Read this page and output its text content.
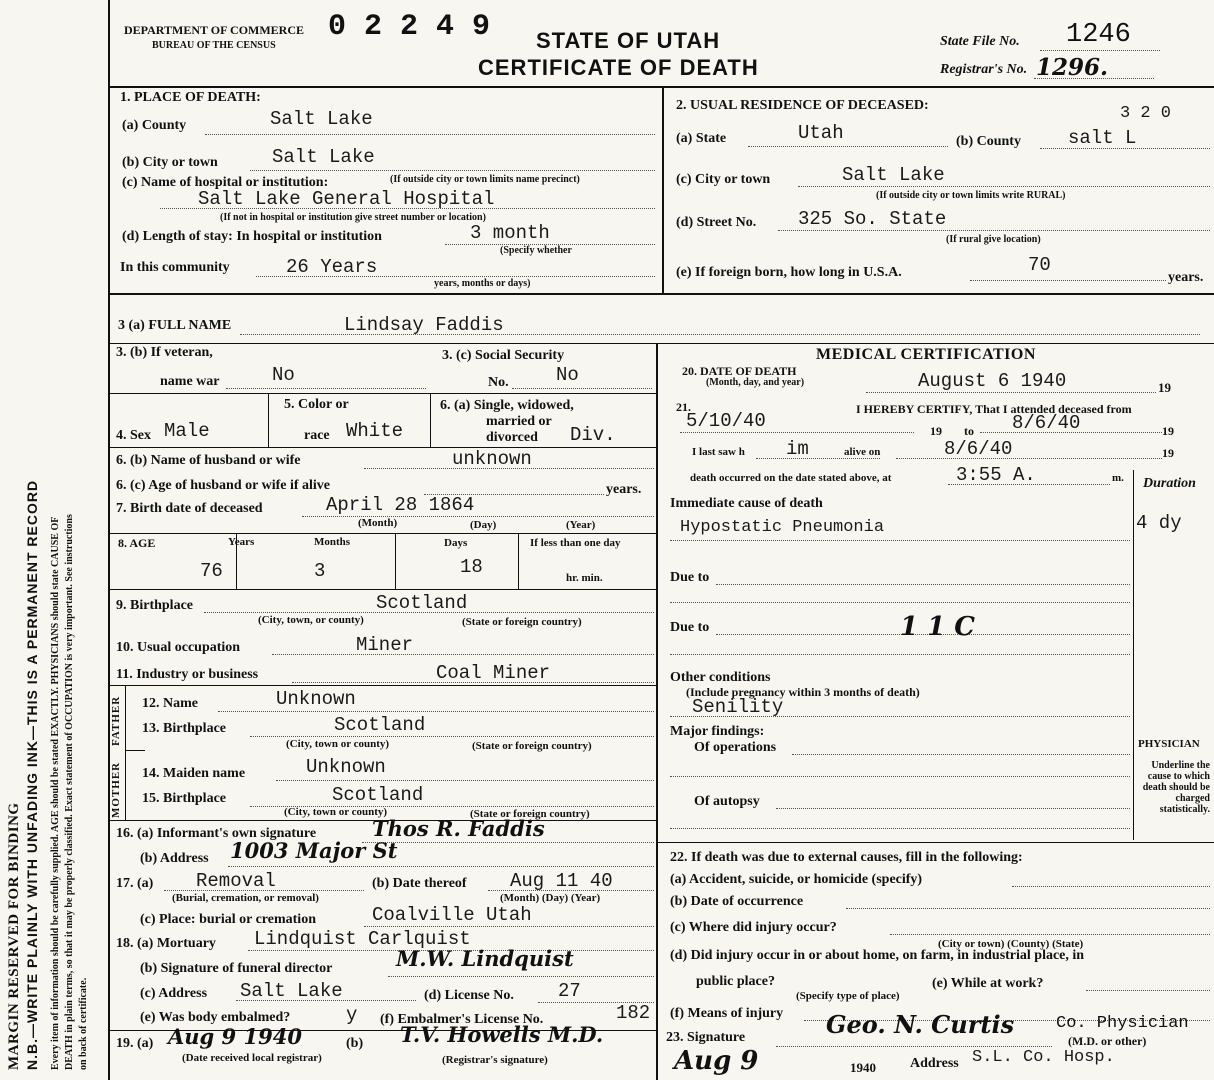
MARGIN RESERVED FOR BINDING N.B.—WRITE PLAINLY WITH UNFADING INK—THIS IS A PERMANENT RECORD Every item of information should be carefully supplied. AGE should be stated EXACTLY. PHYSICIANS should state CAUSE OF DEATH in plain terms, so that it may be properly classified. Exact statement of OCCUPATION is very important. See instructions on back of certificate.
DEPARTMENT OF COMMERCE
BUREAU OF THE CENSUS
0 2 2 4 9 STATE OF UTAH
CERTIFICATE OF DEATH
State File No. 1246
Registrar's No. 1296.
1. PLACE OF DEATH:
(a) County	Salt Lake
(b) City or town	Salt Lake
(c) Name of hospital or institution:	(If outside city or town limits name precinct)
Salt Lake General Hospital
(If not in hospital or institution give street number or location)
(d) Length of stay: In hospital or institution	3 month
(Specify whether
In this community	26 Years
years, months or days)
2. USUAL RESIDENCE OF DECEASED:	3 2 0
(a) State	Utah	(b) County salt L
(c) City or town	Salt Lake
(If outside city or town limits write RURAL)
(d) Street No. 325 So. State
(If rural give location)
(e) If foreign born, how long in U.S.A.	70
years.
3 (a) FULL NAME	Lindsay Faddis
3. (b) If veteran,
name war	No
3. (c) Social Security
No. No
4. Sex Male
5. Color or
race White
6. (a) Single, widowed,
married or
divorced Div.
6. (b) Name of husband or wife	unknown
6. (c) Age of husband or wife if alive	years.
7. Birth date of deceased	April 28 1864
(Month)	(Day)	(Year)
8. AGE	Years	Months	Days	If less than one day
76	3	18	hr. min.
9. Birthplace	Scotland
(City, town, or county)	(State or foreign country)
10. Usual occupation	Miner
11. Industry or business	Coal Miner
FATHER
MOTHER
12. Name	Unknown
13. Birthplace	Scotland
(City, town or county)	(State or foreign country)
14. Maiden name	Unknown
15. Birthplace	Scotland
(City, town or county)	(State or foreign country)
16. (a) Informant's own signature	Thos R. Faddis
(b) Address 1003 Major St
17. (a) Removal
(Burial, cremation, or removal)
(b) Date thereof Aug 11 40
(Month) (Day) (Year)
(c) Place: burial or cremation	Coalville Utah
18. (a) Mortuary Lindquist Carlquist
(b) Signature of funeral director	M.W. Lindquist
(c) Address Salt Lake	(d) License No. 27
(e) Was body embalmed?	y (f) Embalmer's License No.	182
19. (a) Aug 9 1940	(b) T.V. Howells M.D.
(Date received local registrar)	(Registrar's signature)
MEDICAL CERTIFICATION
20. DATE OF DEATH
(Month, day, and year)	August 6 1940	19
21.	I HEREBY CERTIFY, That I attended deceased from
5/10/40	19 to 8/6/40	19
I last saw h im	alive on	8/6/40	19
death occurred on the date stated above, at	3:55 A.	m. Duration
Immediate cause of death
Hypostatic Pneumonia	4 dy
Due to
Due to	1 1 C
Other conditions
(Include pregnancy within 3 months of death)
Senility
Major findings:
Of operations
Of autopsy
PHYSICIAN
Underline the cause to which death should be charged statistically.
22. If death was due to external causes, fill in the following:
(a) Accident, suicide, or homicide (specify)
(b) Date of occurrence
(c) Where did injury occur?
(City or town) (County) (State)
(d) Did injury occur in or about home, on farm, in industrial place, in
public place?
(Specify type of place)
(e) While at work?
(f) Means of injury
23. Signature	Geo. N. Curtis Co. Physician
(M.D. or other)
Aug 9	1940 Address S.L. Co. Hosp.
